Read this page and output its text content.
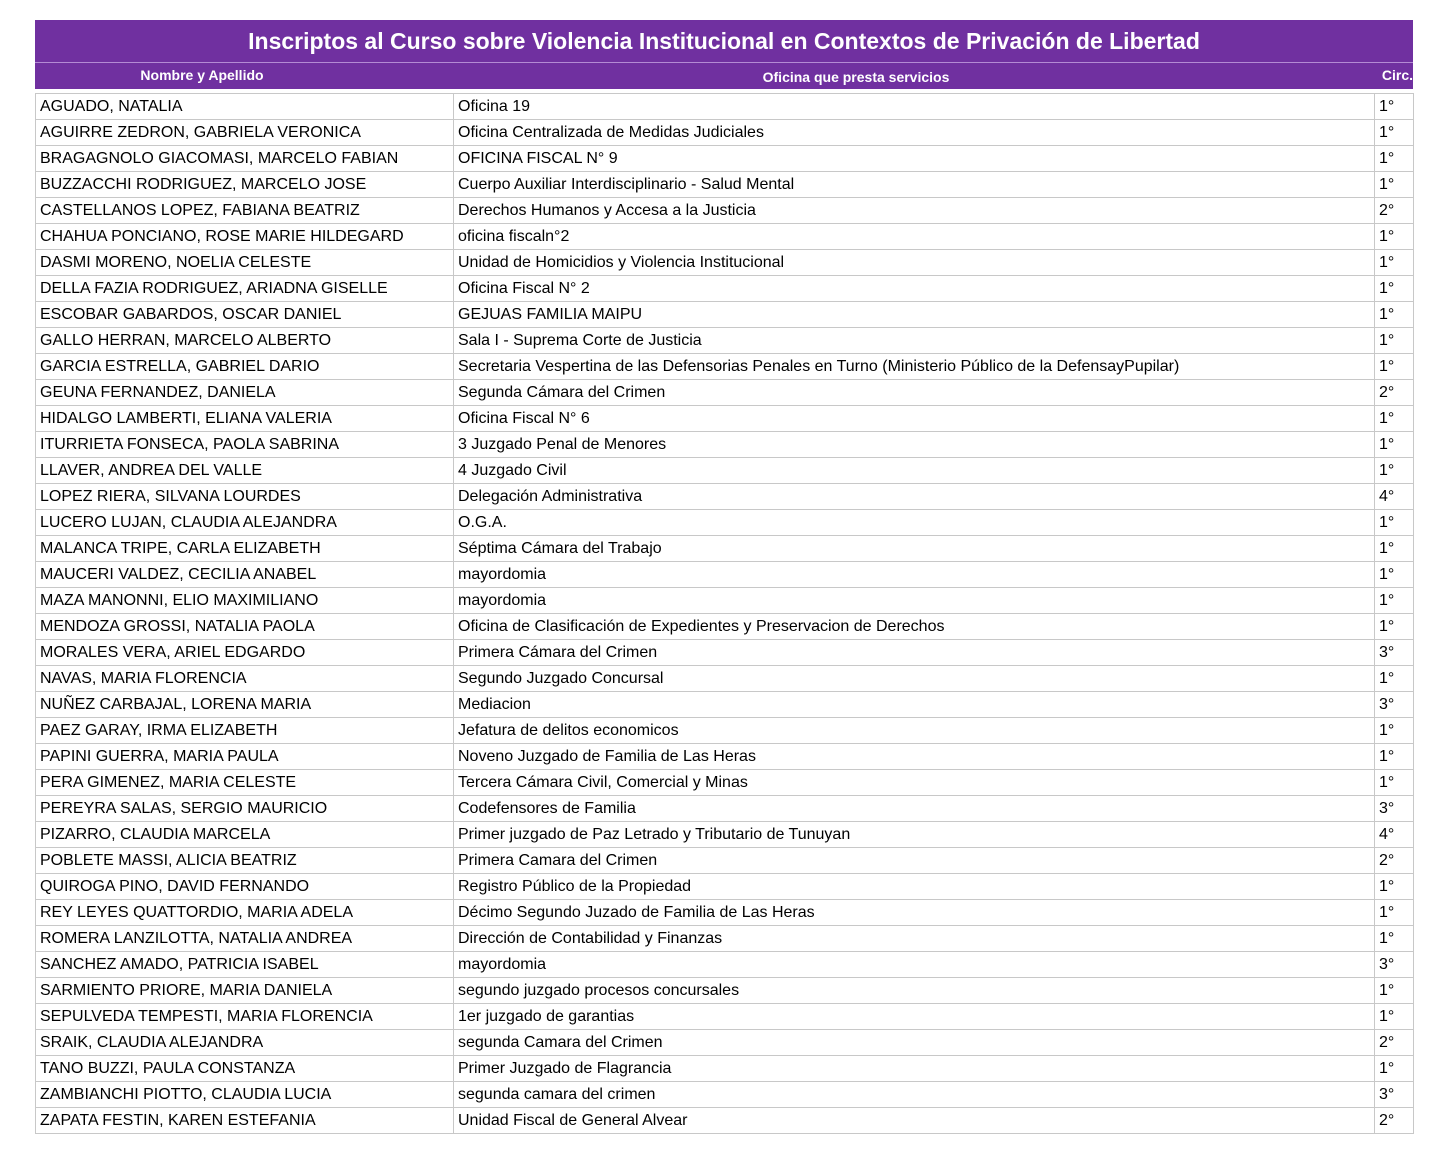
Inscriptos al Curso sobre Violencia Institucional en Contextos de Privación de Libertad
Nombre y Apellido	Oficina que presta servicios	Circ.
AGUADO, NATALIA	Oficina 19	1°
AGUIRRE ZEDRON, GABRIELA VERONICA	Oficina Centralizada de Medidas Judiciales	1°
BRAGAGNOLO GIACOMASI, MARCELO FABIAN	OFICINA FISCAL N° 9	1°
BUZZACCHI RODRIGUEZ, MARCELO JOSE	Cuerpo Auxiliar Interdisciplinario - Salud Mental	1°
CASTELLANOS LOPEZ, FABIANA BEATRIZ	Derechos Humanos y Accesa a la Justicia	2°
CHAHUA PONCIANO, ROSE MARIE HILDEGARD	oficina fiscaln°2	1°
DASMI MORENO, NOELIA CELESTE	Unidad de Homicidios y Violencia Institucional	1°
DELLA FAZIA RODRIGUEZ, ARIADNA GISELLE	Oficina Fiscal N° 2	1°
ESCOBAR GABARDOS, OSCAR DANIEL	GEJUAS FAMILIA MAIPU	1°
GALLO HERRAN, MARCELO ALBERTO	Sala I - Suprema Corte de Justicia	1°
GARCIA ESTRELLA, GABRIEL DARIO	Secretaria Vespertina de las Defensorias Penales en Turno (Ministerio Público de la DefensayPupilar)	1°
GEUNA FERNANDEZ, DANIELA	Segunda Cámara del Crimen	2°
HIDALGO LAMBERTI, ELIANA VALERIA	Oficina Fiscal N° 6	1°
ITURRIETA FONSECA, PAOLA SABRINA	3 Juzgado Penal de Menores	1°
LLAVER, ANDREA DEL VALLE	4 Juzgado Civil	1°
LOPEZ RIERA, SILVANA LOURDES	Delegación Administrativa	4°
LUCERO LUJAN, CLAUDIA ALEJANDRA	O.G.A.	1°
MALANCA TRIPE, CARLA ELIZABETH	Séptima Cámara del Trabajo	1°
MAUCERI VALDEZ, CECILIA ANABEL	mayordomia	1°
MAZA MANONNI, ELIO MAXIMILIANO	mayordomia	1°
MENDOZA GROSSI, NATALIA PAOLA	Oficina de Clasificación de Expedientes y Preservacion de Derechos	1°
MORALES VERA, ARIEL EDGARDO	Primera Cámara del Crimen	3°
NAVAS, MARIA FLORENCIA	Segundo Juzgado Concursal	1°
NUÑEZ CARBAJAL, LORENA MARIA	Mediacion	3°
PAEZ GARAY, IRMA ELIZABETH	Jefatura de delitos economicos	1°
PAPINI GUERRA, MARIA PAULA	Noveno Juzgado de Familia de Las Heras	1°
PERA GIMENEZ, MARIA CELESTE	Tercera Cámara Civil, Comercial y Minas	1°
PEREYRA SALAS, SERGIO MAURICIO	Codefensores de Familia	3°
PIZARRO, CLAUDIA MARCELA	Primer juzgado de Paz Letrado y Tributario de Tunuyan	4°
POBLETE MASSI, ALICIA BEATRIZ	Primera Camara del Crimen	2°
QUIROGA PINO, DAVID FERNANDO	Registro Público de la Propiedad	1°
REY LEYES QUATTORDIO, MARIA ADELA	Décimo Segundo Juzado de Familia de Las Heras	1°
ROMERA LANZILOTTA, NATALIA ANDREA	Dirección de Contabilidad y Finanzas	1°
SANCHEZ AMADO, PATRICIA ISABEL	mayordomia	3°
SARMIENTO PRIORE, MARIA DANIELA	segundo juzgado procesos concursales	1°
SEPULVEDA TEMPESTI, MARIA FLORENCIA	1er juzgado de garantias	1°
SRAIK, CLAUDIA ALEJANDRA	segunda Camara del Crimen	2°
TANO BUZZI, PAULA CONSTANZA	Primer Juzgado de Flagrancia	1°
ZAMBIANCHI PIOTTO, CLAUDIA LUCIA	segunda camara del crimen	3°
ZAPATA FESTIN, KAREN ESTEFANIA	Unidad Fiscal de General Alvear	2°
